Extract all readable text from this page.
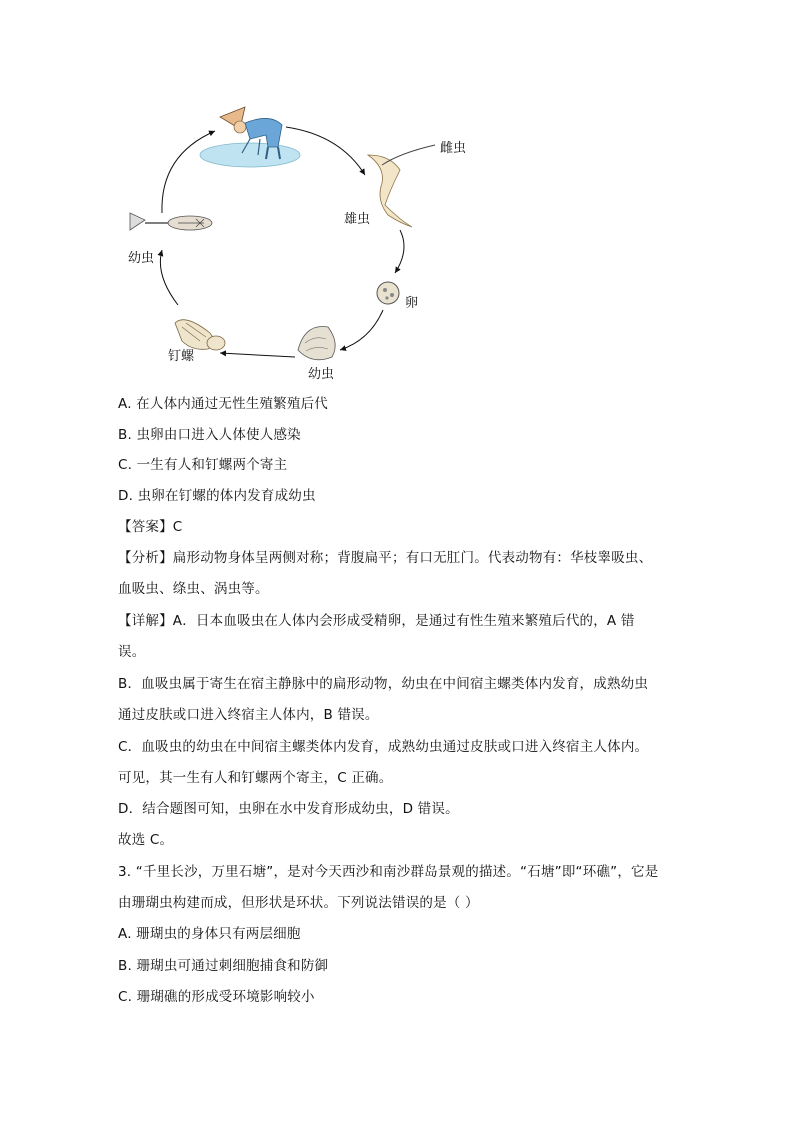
雌虫
雄虫
卵
幼虫
钉螺
幼虫
A. 在人体内通过无性生殖繁殖后代
B. 虫卵由口进入人体使人感染
C. 一生有人和钉螺两个寄主
D. 虫卵在钉螺的体内发育成幼虫
【答案】C
【分析】扁形动物身体呈两侧对称；背腹扁平；有口无肛门。代表动物有：华枝睾吸虫、
血吸虫、绦虫、涡虫等。
【详解】A．日本血吸虫在人体内会形成受精卵，是通过有性生殖来繁殖后代的，A 错
误。
B．血吸虫属于寄生在宿主静脉中的扁形动物，幼虫在中间宿主螺类体内发育，成熟幼虫
通过皮肤或口进入终宿主人体内，B 错误。
C．血吸虫的幼虫在中间宿主螺类体内发育，成熟幼虫通过皮肤或口进入终宿主人体内。
可见，其一生有人和钉螺两个寄主，C 正确。
D．结合题图可知，虫卵在水中发育形成幼虫，D 错误。
故选 C。
3. “千里长沙，万里石塘”，是对今天西沙和南沙群岛景观的描述。“石塘”即“环礁”，它是
由珊瑚虫构建而成，但形状是环状。下列说法错误的是（ ）
A. 珊瑚虫的身体只有两层细胞
B. 珊瑚虫可通过刺细胞捕食和防御
C. 珊瑚礁的形成受环境影响较小
